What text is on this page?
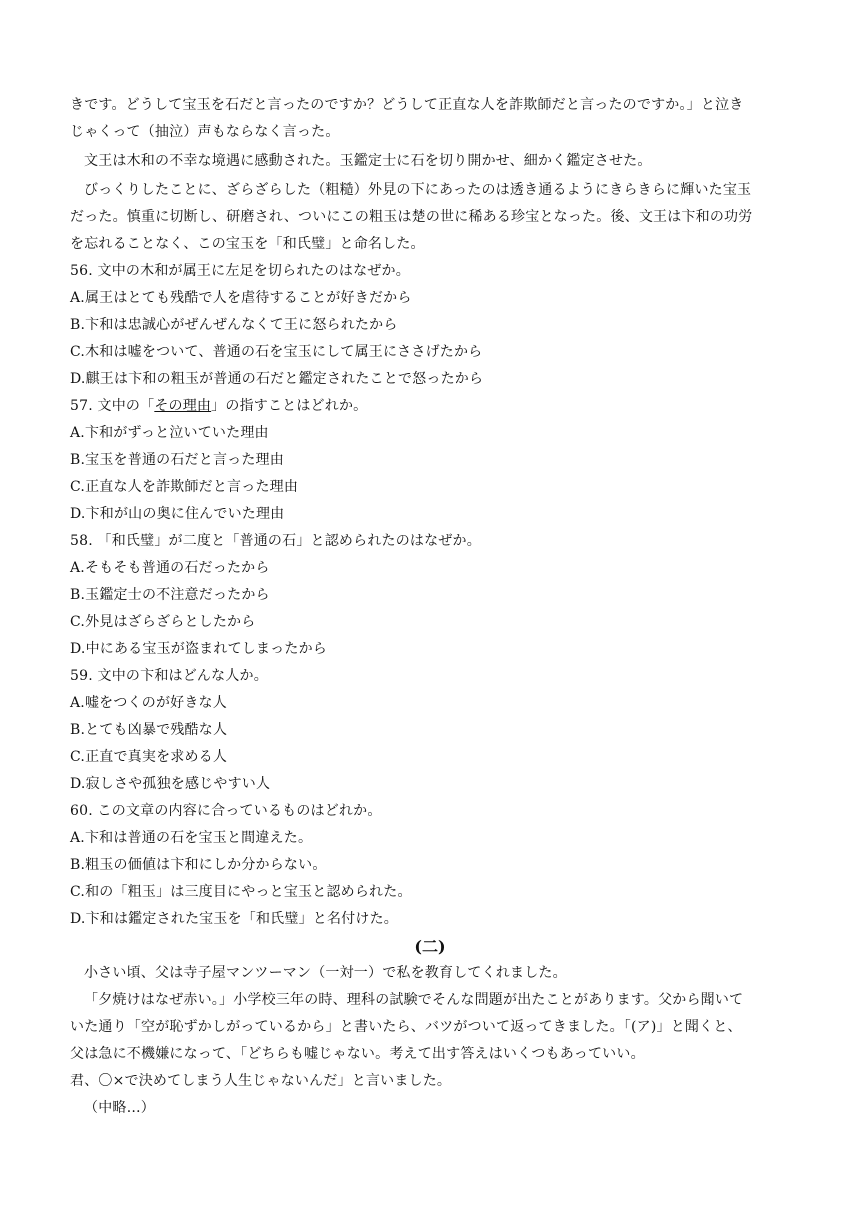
きです。どうして宝玉を石だと言ったのですか？どうして正直な人を詐欺師だと言ったのですか。」と泣き
じゃくって（抽泣）声もならなく言った。
文王は木和の不幸な境遇に感動された。玉鑑定士に石を切り開かせ、細かく鑑定させた。
びっくりしたことに、ざらざらした（粗糙）外見の下にあったのは透き通るようにきらきらに輝いた宝玉
だった。慎重に切断し、研磨され、ついにこの粗玉は楚の世に稀ある珍宝となった。後、文王は卞和の功労
を忘れることなく、この宝玉を「和氏璧」と命名した。
56. 文中の木和が属王に左足を切られたのはなぜか。
A.属王はとても残酷で人を虐待することが好きだから
B.卞和は忠誠心がぜんぜんなくて王に怒られたから
C.木和は嘘をついて、普通の石を宝玉にして属王にささげたから
D.麒王は卞和の粗玉が普通の石だと鑑定されたことで怒ったから
57. 文中の「その理由」の指すことはどれか。
A.卞和がずっと泣いていた理由
B.宝玉を普通の石だと言った理由
C.正直な人を詐欺師だと言った理由
D.卞和が山の奥に住んでいた理由
58. 「和氏璧」が二度と「普通の石」と認められたのはなぜか。
A.そもそも普通の石だったから
B.玉鑑定士の不注意だったから
C.外見はざらざらとしたから
D.中にある宝玉が盗まれてしまったから
59. 文中の卞和はどんな人か。
A.嘘をつくのが好きな人
B.とても凶暴で残酷な人
C.正直で真実を求める人
D.寂しさや孤独を感じやすい人
60. この文章の内容に合っているものはどれか。
A.卞和は普通の石を宝玉と間違えた。
B.粗玉の価値は卞和にしか分からない。
C.和の「粗玉」は三度目にやっと宝玉と認められた。
D.卞和は鑑定された宝玉を「和氏璧」と名付けた。
(二)
小さい頃、父は寺子屋マンツーマン（一対一）で私を教育してくれました。
「夕焼けはなぜ赤い。」小学校三年の時、理科の試験でそんな問題が出たことがあります。父から聞いて
いた通り「空が恥ずかしがっているから」と書いたら、バツがついて返ってきました。「(ア)」と聞くと、
父は急に不機嫌になって、「どちらも嘘じゃない。考えて出す答えはいくつもあっていい。
君、〇×で決めてしまう人生じゃないんだ」と言いました。
（中略…）
